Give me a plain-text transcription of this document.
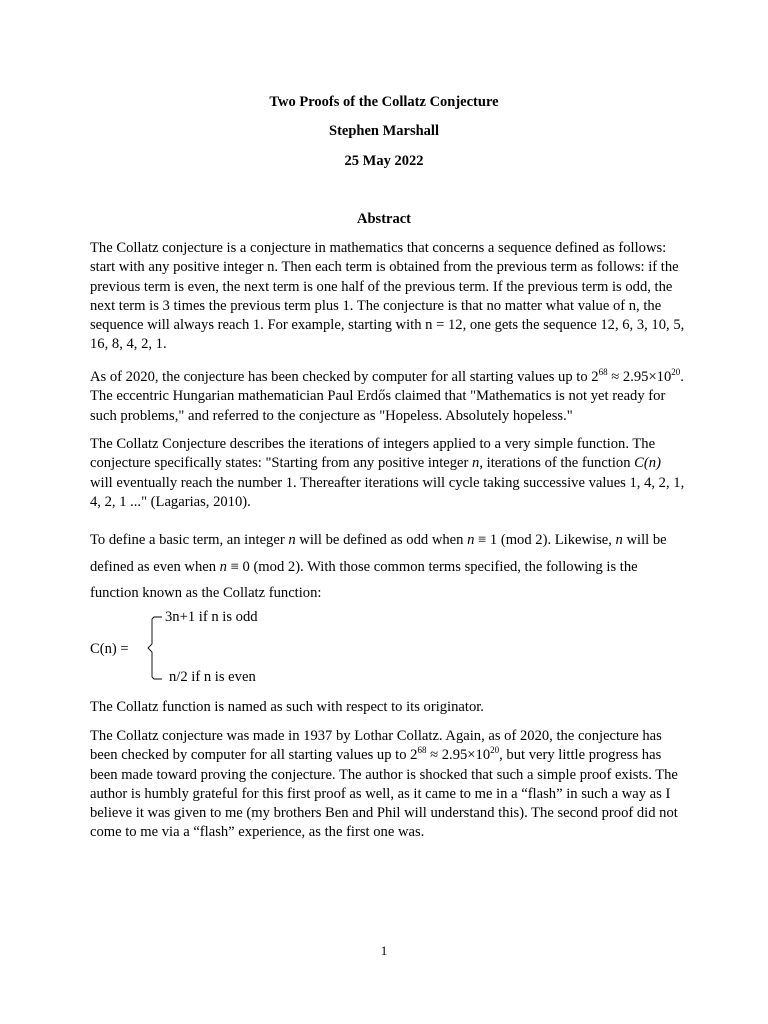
Two Proofs of the Collatz Conjecture
Stephen Marshall
25 May 2022
Abstract

The Collatz conjecture is a conjecture in mathematics that concerns a sequence defined as follows: start with any positive integer n. Then each term is obtained from the previous term as follows: if the previous term is even, the next term is one half of the previous term. If the previous term is odd, the next term is 3 times the previous term plus 1. The conjecture is that no matter what value of n, the sequence will always reach 1. For example, starting with n = 12, one gets the sequence 12, 6, 3, 10, 5, 16, 8, 4, 2, 1.

As of 2020, the conjecture has been checked by computer for all starting values up to $2^{68} \approx 2.95\times 10^{20}$. The eccentric Hungarian mathematician Paul Erdős claimed that "Mathematics is not yet ready for such problems," and referred to the conjecture as "Hopeless. Absolutely hopeless."

The Collatz Conjecture describes the iterations of integers applied to a very simple function. The conjecture specifically states: "Starting from any positive integer n, iterations of the function C(n) will eventually reach the number 1. Thereafter iterations will cycle taking successive values 1, 4, 2, 1, 4, 2, 1 ..." (Lagarias, 2010).

To define a basic term, an integer n will be defined as odd when n ≡ 1 (mod 2). Likewise, n will be defined as even when n ≡ 0 (mod 2). With those common terms specified, the following is the function known as the Collatz function:

C(n) =
3n+1 if n is odd
n/2 if n is even

The Collatz function is named as such with respect to its originator.

The Collatz conjecture was made in 1937 by Lothar Collatz. Again, as of 2020, the conjecture has been checked by computer for all starting values up to $2^{68} \approx 2.95\times 10^{20}$, but very little progress has been made toward proving the conjecture. The author is shocked that such a simple proof exists. The author is humbly grateful for this first proof as well, as it came to me in a “flash” in such a way as I believe it was given to me (my brothers Ben and Phil will understand this). The second proof did not come to me via a “flash” experience, as the first one was.

1
